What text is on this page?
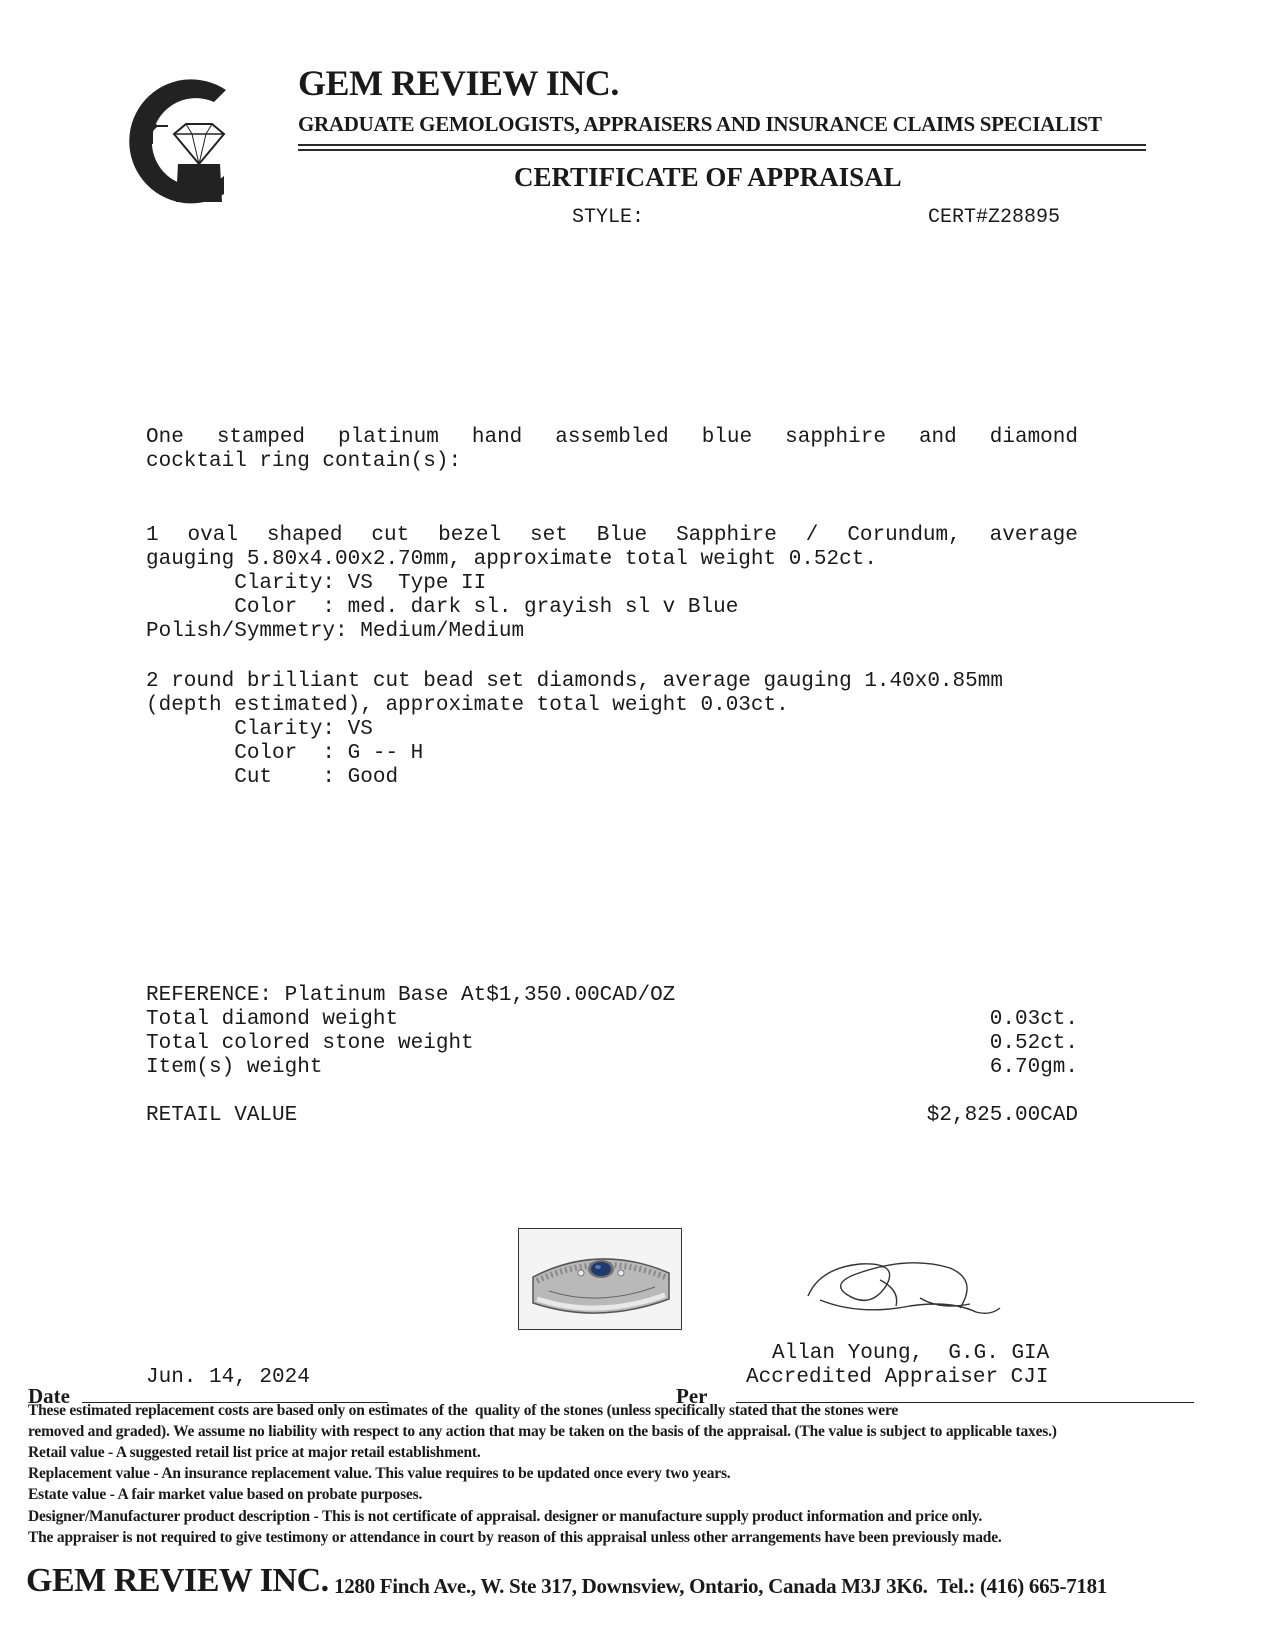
GEM REVIEW INC.
GRADUATE GEMOLOGISTS, APPRAISERS AND INSURANCE CLAIMS SPECIALIST
CERTIFICATE OF APPRAISAL
STYLE:	CERT#Z28895
One stamped platinum hand assembled blue sapphire and diamond
cocktail ring contain(s):
1 oval shaped cut bezel set Blue Sapphire / Corundum, average
gauging 5.80x4.00x2.70mm, approximate total weight 0.52ct.
Clarity: VS  Type II
Color  : med. dark sl. grayish sl v Blue
Polish/Symmetry: Medium/Medium
2 round brilliant cut bead set diamonds, average gauging 1.40x0.85mm
(depth estimated), approximate total weight 0.03ct.
Clarity: VS
Color  : G -- H
Cut    : Good
REFERENCE: Platinum Base At$1,350.00CAD/OZ
Total diamond weight	0.03ct.
Total colored stone weight	0.52ct.
Item(s) weight	6.70gm.
RETAIL VALUE	$2,825.00CAD
Allan Young,  G.G. GIA
Accredited Appraiser CJI
Date
Jun. 14, 2024
Per
These estimated replacement costs are based only on estimates of the  quality of the stones (unless specifically stated that the stones were
removed and graded). We assume no liability with respect to any action that may be taken on the basis of the appraisal. (The value is subject to applicable taxes.)
Retail value - A suggested retail list price at major retail establishment.
Replacement value - An insurance replacement value. This value requires to be updated once every two years.
Estate value - A fair market value based on probate purposes.
Designer/Manufacturer product description - This is not certificate of appraisal. designer or manufacture supply product information and price only.
The appraiser is not required to give testimony or attendance in court by reason of this appraisal unless other arrangements have been previously made.
GEM REVIEW INC. 1280 Finch Ave., W. Ste 317, Downsview, Ontario, Canada M3J 3K6.  Tel.: (416) 665-7181
